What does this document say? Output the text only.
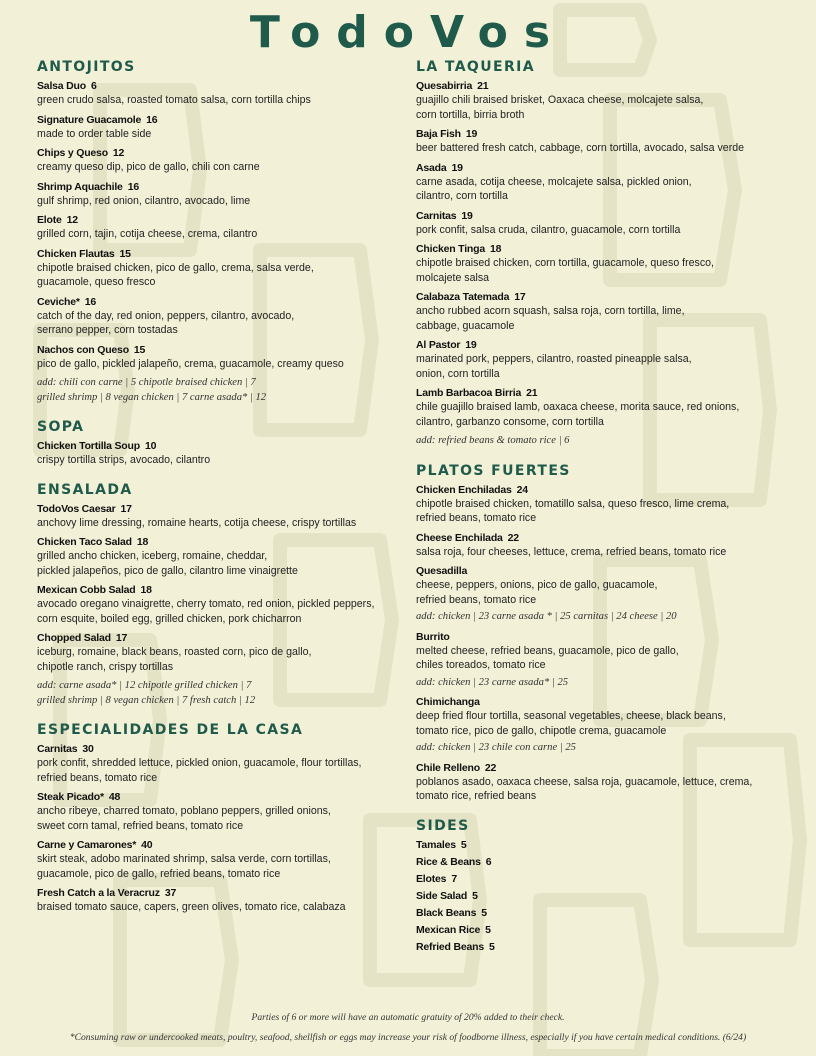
TodoVos
ANTOJITOS
Salsa Duo 6
green crudo salsa, roasted tomato salsa, corn tortilla chips
Signature Guacamole 16
made to order table side
Chips y Queso 12
creamy queso dip, pico de gallo, chili con carne
Shrimp Aquachile 16
gulf shrimp, red onion, cilantro, avocado, lime
Elote 12
grilled corn, tajin, cotija cheese, crema, cilantro
Chicken Flautas 15
chipotle braised chicken, pico de gallo, crema, salsa verde,
guacamole, queso fresco
Ceviche* 16
catch of the day, red onion, peppers, cilantro, avocado,
serrano pepper, corn tostadas
Nachos con Queso 15
pico de gallo, pickled jalapeño, crema, guacamole, creamy queso
add: chili con carne | 5 chipotle braised chicken | 7
grilled shrimp | 8 vegan chicken | 7 carne asada* | 12
SOPA
Chicken Tortilla Soup 10
crispy tortilla strips, avocado, cilantro
ENSALADA
TodoVos Caesar 17
anchovy lime dressing, romaine hearts, cotija cheese, crispy tortillas
Chicken Taco Salad 18
grilled ancho chicken, iceberg, romaine, cheddar,
pickled jalapeños, pico de gallo, cilantro lime vinaigrette
Mexican Cobb Salad 18
avocado oregano vinaigrette, cherry tomato, red onion, pickled peppers,
corn esquite, boiled egg, grilled chicken, pork chicharron
Chopped Salad 17
iceburg, romaine, black beans, roasted corn, pico de gallo,
chipotle ranch, crispy tortillas
add: carne asada* | 12 chipotle grilled chicken | 7
grilled shrimp | 8 vegan chicken | 7 fresh catch | 12
ESPECIALIDADES DE LA CASA
Carnitas 30
pork confit, shredded lettuce, pickled onion, guacamole, flour tortillas,
refried beans, tomato rice
Steak Picado* 48
ancho ribeye, charred tomato, poblano peppers, grilled onions,
sweet corn tamal, refried beans, tomato rice
Carne y Camarones* 40
skirt steak, adobo marinated shrimp, salsa verde, corn tortillas,
guacamole, pico de gallo, refried beans, tomato rice
Fresh Catch a la Veracruz 37
braised tomato sauce, capers, green olives, tomato rice, calabaza
LA TAQUERIA
Quesabirria 21
guajillo chili braised brisket, Oaxaca cheese, molcajete salsa,
corn tortilla, birria broth
Baja Fish 19
beer battered fresh catch, cabbage, corn tortilla, avocado, salsa verde
Asada 19
carne asada, cotija cheese, molcajete salsa, pickled onion,
cilantro, corn tortilla
Carnitas 19
pork confit, salsa cruda, cilantro, guacamole, corn tortilla
Chicken Tinga 18
chipotle braised chicken, corn tortilla, guacamole, queso fresco,
molcajete salsa
Calabaza Tatemada 17
ancho rubbed acorn squash, salsa roja, corn tortilla, lime,
cabbage, guacamole
Al Pastor 19
marinated pork, peppers, cilantro, roasted pineapple salsa,
onion, corn tortilla
Lamb Barbacoa Birria 21
chile guajillo braised lamb, oaxaca cheese, morita sauce, red onions,
cilantro, garbanzo consome, corn tortilla
add: refried beans & tomato rice | 6
PLATOS FUERTES
Chicken Enchiladas 24
chipotle braised chicken, tomatillo salsa, queso fresco, lime crema,
refried beans, tomato rice
Cheese Enchilada 22
salsa roja, four cheeses, lettuce, crema, refried beans, tomato rice
Quesadilla
cheese, peppers, onions, pico de gallo, guacamole,
refried beans, tomato rice
add: chicken | 23 carne asada * | 25 carnitas | 24 cheese | 20
Burrito
melted cheese, refried beans, guacamole, pico de gallo,
chiles toreados, tomato rice
add: chicken | 23 carne asada* | 25
Chimichanga
deep fried flour tortilla, seasonal vegetables, cheese, black beans,
tomato rice, pico de gallo, chipotle crema, guacamole
add: chicken | 23 chile con carne | 25
Chile Relleno 22
poblanos asado, oaxaca cheese, salsa roja, guacamole, lettuce, crema,
tomato rice, refried beans
SIDES
Tamales 5
Rice & Beans 6
Elotes 7
Side Salad 5
Black Beans 5
Mexican Rice 5
Refried Beans 5
Parties of 6 or more will have an automatic gratuity of 20% added to their check.
*Consuming raw or undercooked meats, poultry, seafood, shellfish or eggs may increase your risk of foodborne illness, especially if you have certain medical conditions. (6/24)
